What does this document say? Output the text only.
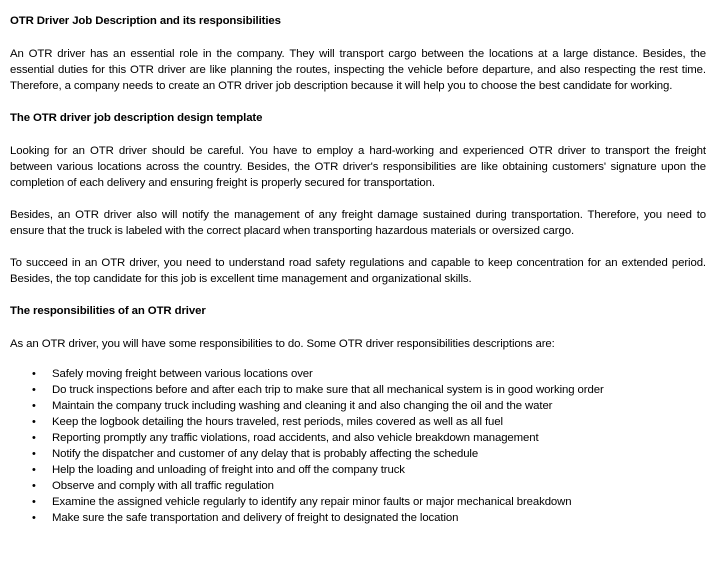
OTR Driver Job Description and its responsibilities

An OTR driver has an essential role in the company. They will transport cargo between the locations at a large distance. Besides, the essential duties for this OTR driver are like planning the routes, inspecting the vehicle before departure, and also respecting the rest time. Therefore, a company needs to create an OTR driver job description because it will help you to choose the best candidate for working.

The OTR driver job description design template

Looking for an OTR driver should be careful. You have to employ a hard-working and experienced OTR driver to transport the freight between various locations across the country. Besides, the OTR driver's responsibilities are like obtaining customers' signature upon the completion of each delivery and ensuring freight is properly secured for transportation.

Besides, an OTR driver also will notify the management of any freight damage sustained during transportation. Therefore, you need to ensure that the truck is labeled with the correct placard when transporting hazardous materials or oversized cargo.

To succeed in an OTR driver, you need to understand road safety regulations and capable to keep concentration for an extended period. Besides, the top candidate for this job is excellent time management and organizational skills.

The responsibilities of an OTR driver

As an OTR driver, you will have some responsibilities to do. Some OTR driver responsibilities descriptions are:

• Safely moving freight between various locations over
• Do truck inspections before and after each trip to make sure that all mechanical system is in good working order
• Maintain the company truck including washing and cleaning it and also changing the oil and the water
• Keep the logbook detailing the hours traveled, rest periods, miles covered as well as all fuel
• Reporting promptly any traffic violations, road accidents, and also vehicle breakdown management
• Notify the dispatcher and customer of any delay that is probably affecting the schedule
• Help the loading and unloading of freight into and off the company truck
• Observe and comply with all traffic regulation
• Examine the assigned vehicle regularly to identify any repair minor faults or major mechanical breakdown
• Make sure the safe transportation and delivery of freight to designated the location
